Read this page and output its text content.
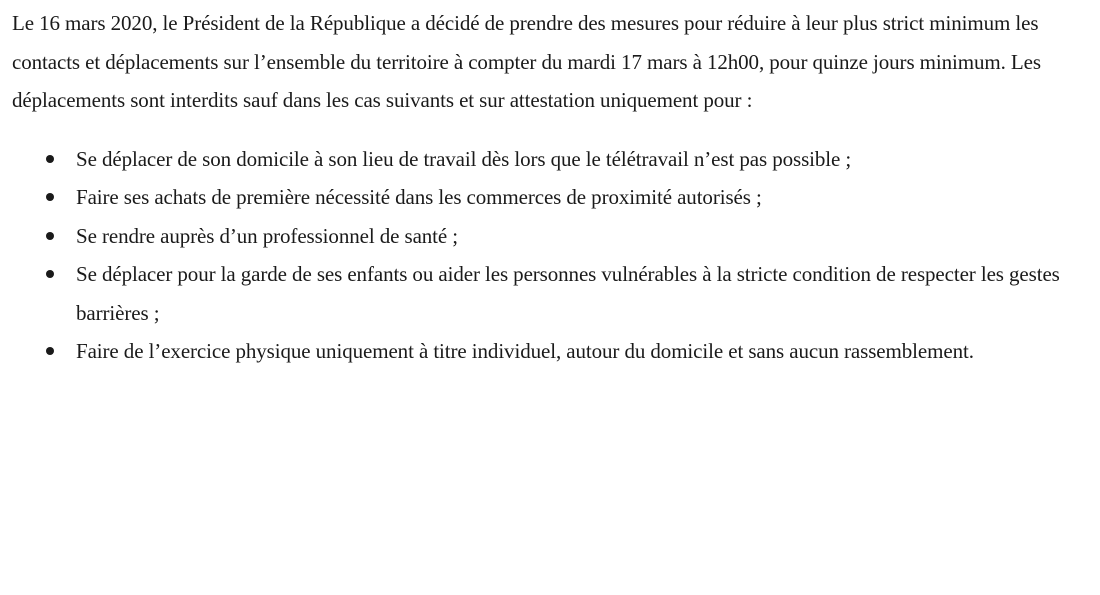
Le 16 mars 2020, le Président de la République a décidé de prendre des mesures pour réduire à leur plus strict minimum les contacts et déplacements sur l’ensemble du territoire à compter du mardi 17 mars à 12h00, pour quinze jours minimum. Les déplacements sont interdits sauf dans les cas suivants et sur attestation uniquement pour :

Se déplacer de son domicile à son lieu de travail dès lors que le télétravail n’est pas possible ;
Faire ses achats de première nécessité dans les commerces de proximité autorisés ;
Se rendre auprès d’un professionnel de santé ;
Se déplacer pour la garde de ses enfants ou aider les personnes vulnérables à la stricte condition de respecter les gestes barrières ;
Faire de l’exercice physique uniquement à titre individuel, autour du domicile et sans aucun rassemblement.
